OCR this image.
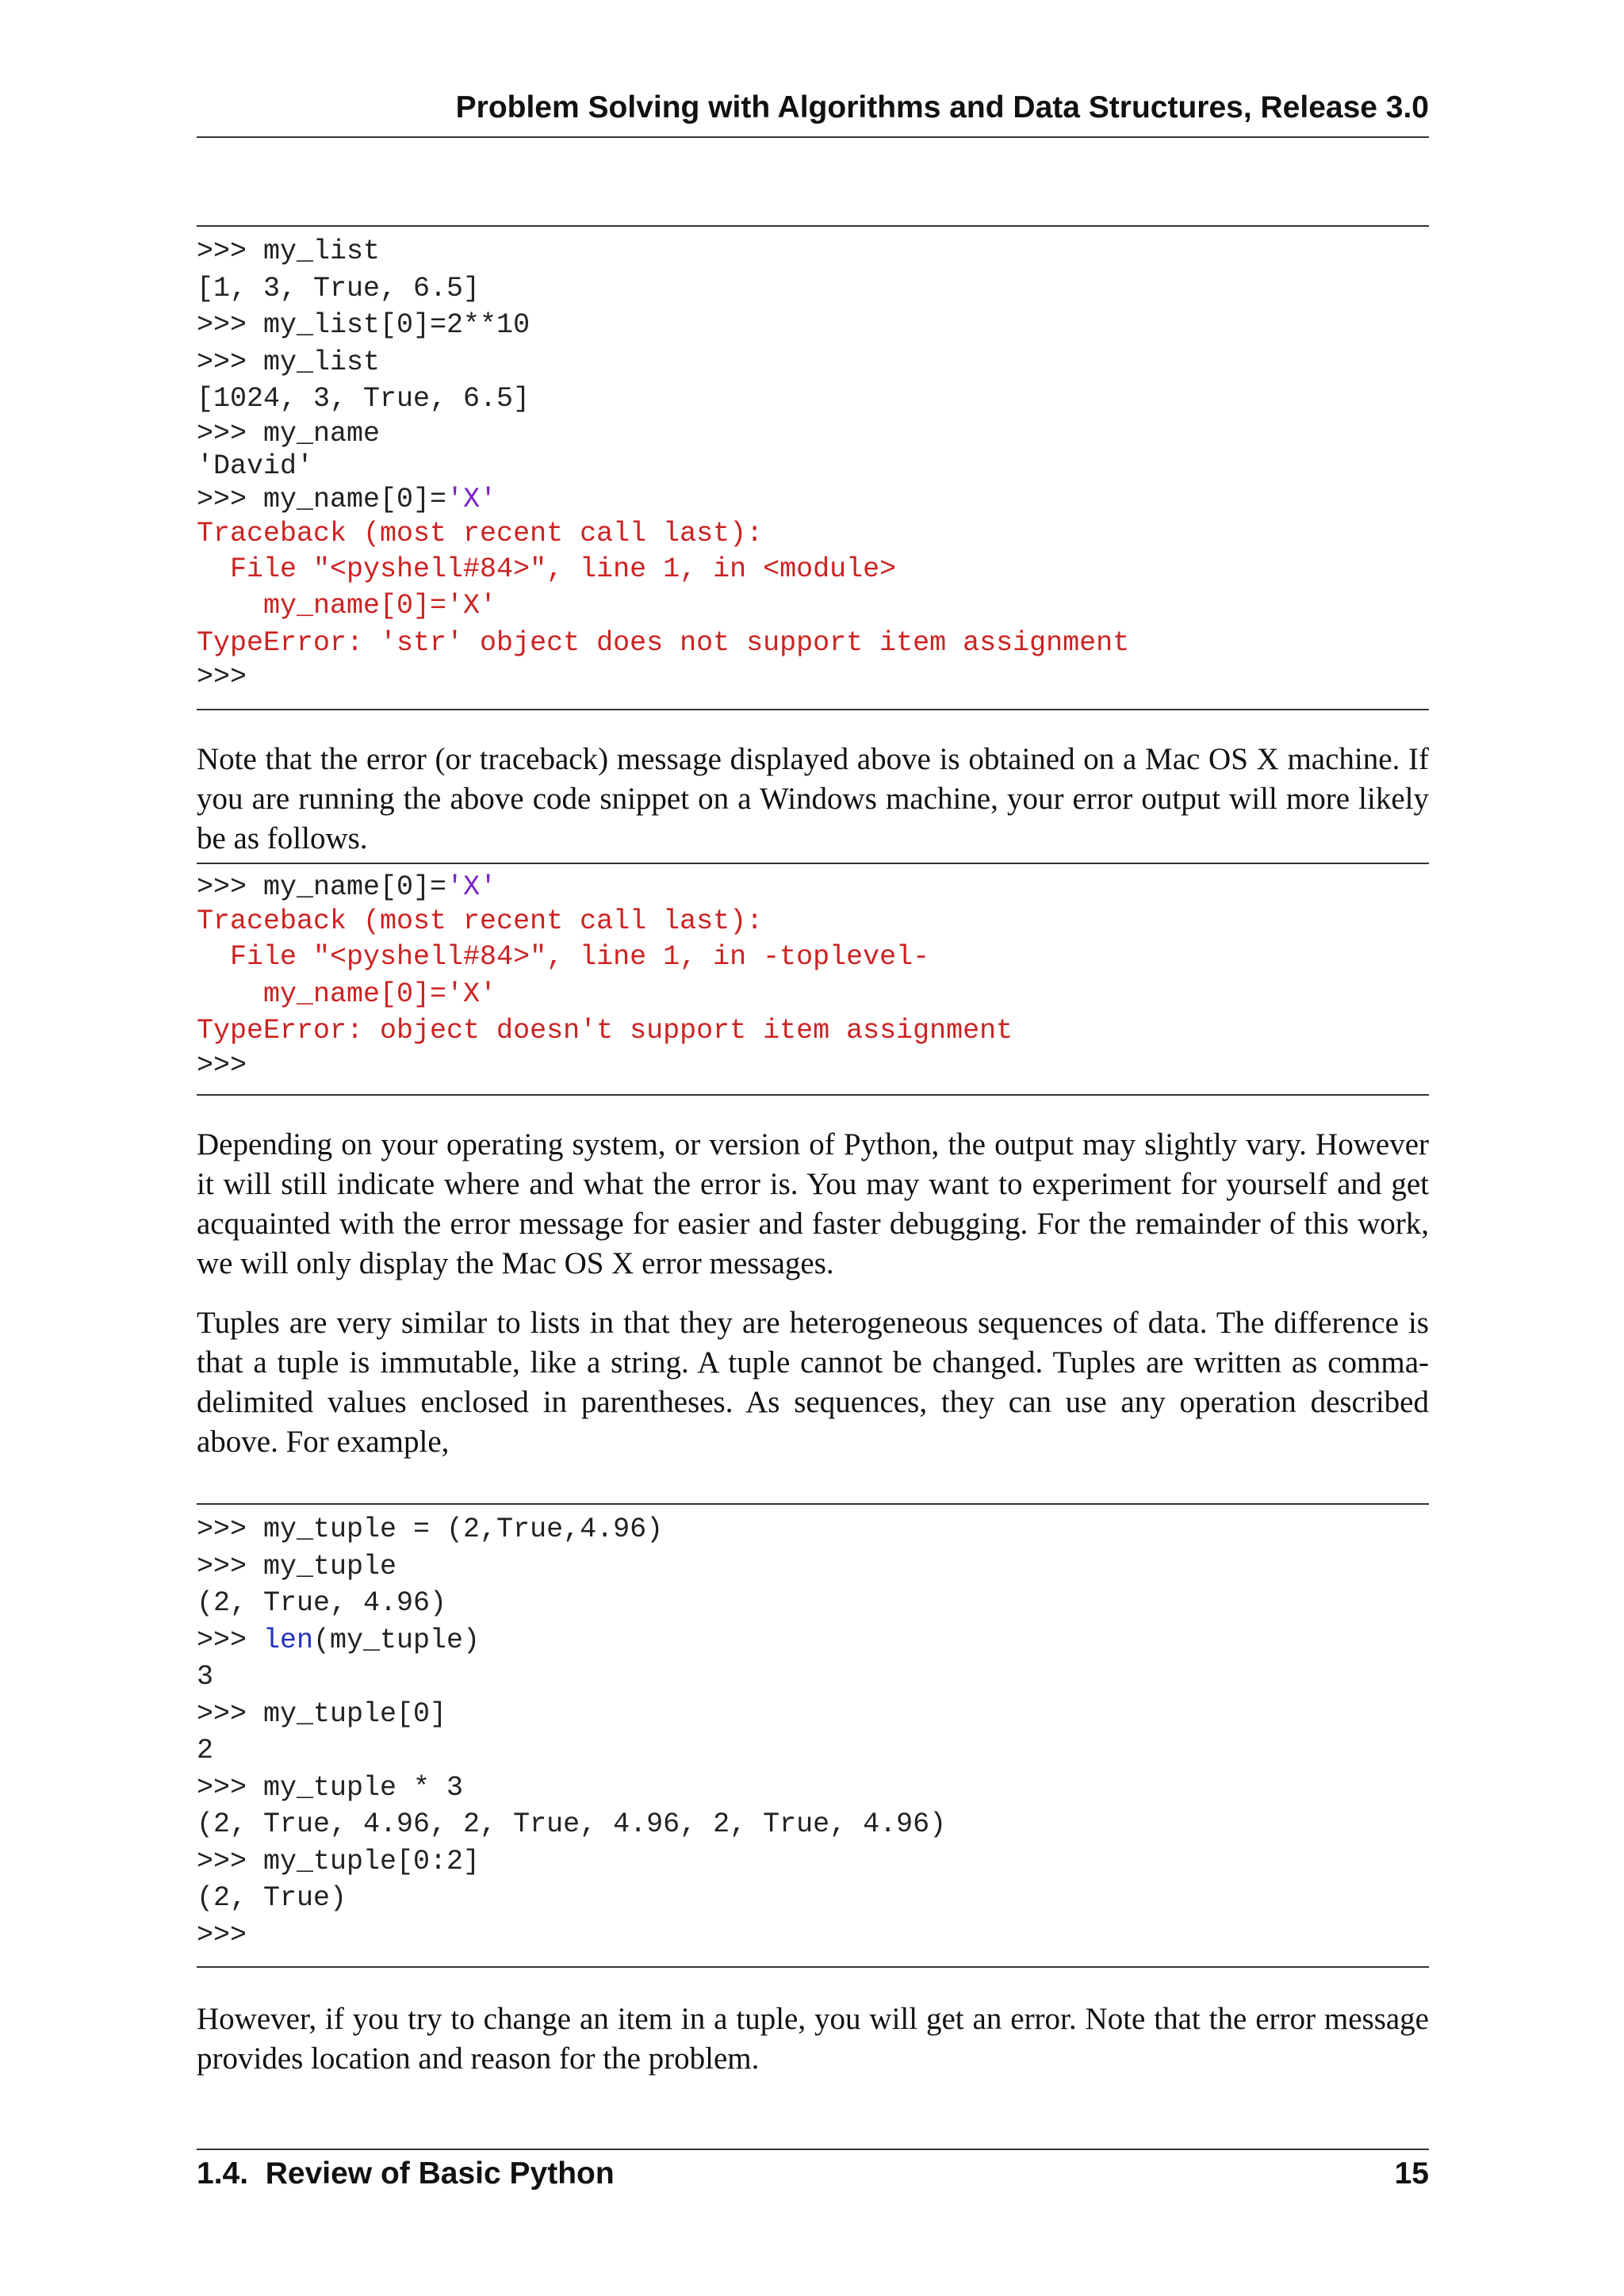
Problem Solving with Algorithms and Data Structures, Release 3.0
>>> my_list
[1, 3, True, 6.5]
>>> my_list[0]=2**10
>>> my_list
[1024, 3, True, 6.5]
>>> my_name
'David'
>>> my_name[0]='X'
Traceback (most recent call last):
File "<pyshell#84>", line 1, in <module>
my_name[0]='X'
TypeError: 'str' object does not support item assignment
>>>
Note that the error (or traceback) message displayed above is obtained on a Mac OS X machine. If you are running the above code snippet on a Windows machine, your error output will more likely be as follows.
>>> my_name[0]='X'
Traceback (most recent call last):
File "<pyshell#84>", line 1, in -toplevel-
my_name[0]='X'
TypeError: object doesn't support item assignment
>>>
Depending on your operating system, or version of Python, the output may slightly vary. However it will still indicate where and what the error is. You may want to experiment for yourself and get acquainted with the error message for easier and faster debugging. For the remainder of this work, we will only display the Mac OS X error messages.
Tuples are very similar to lists in that they are heterogeneous sequences of data. The difference is that a tuple is immutable, like a string. A tuple cannot be changed. Tuples are written as comma-delimited values enclosed in parentheses. As sequences, they can use any operation described above. For example,
>>> my_tuple = (2,True,4.96)
>>> my_tuple
(2, True, 4.96)
>>> len(my_tuple)
3
>>> my_tuple[0]
2
>>> my_tuple * 3
(2, True, 4.96, 2, True, 4.96, 2, True, 4.96)
>>> my_tuple[0:2]
(2, True)
>>>
However, if you try to change an item in a tuple, you will get an error. Note that the error message provides location and reason for the problem.
1.4.  Review of Basic Python	15
